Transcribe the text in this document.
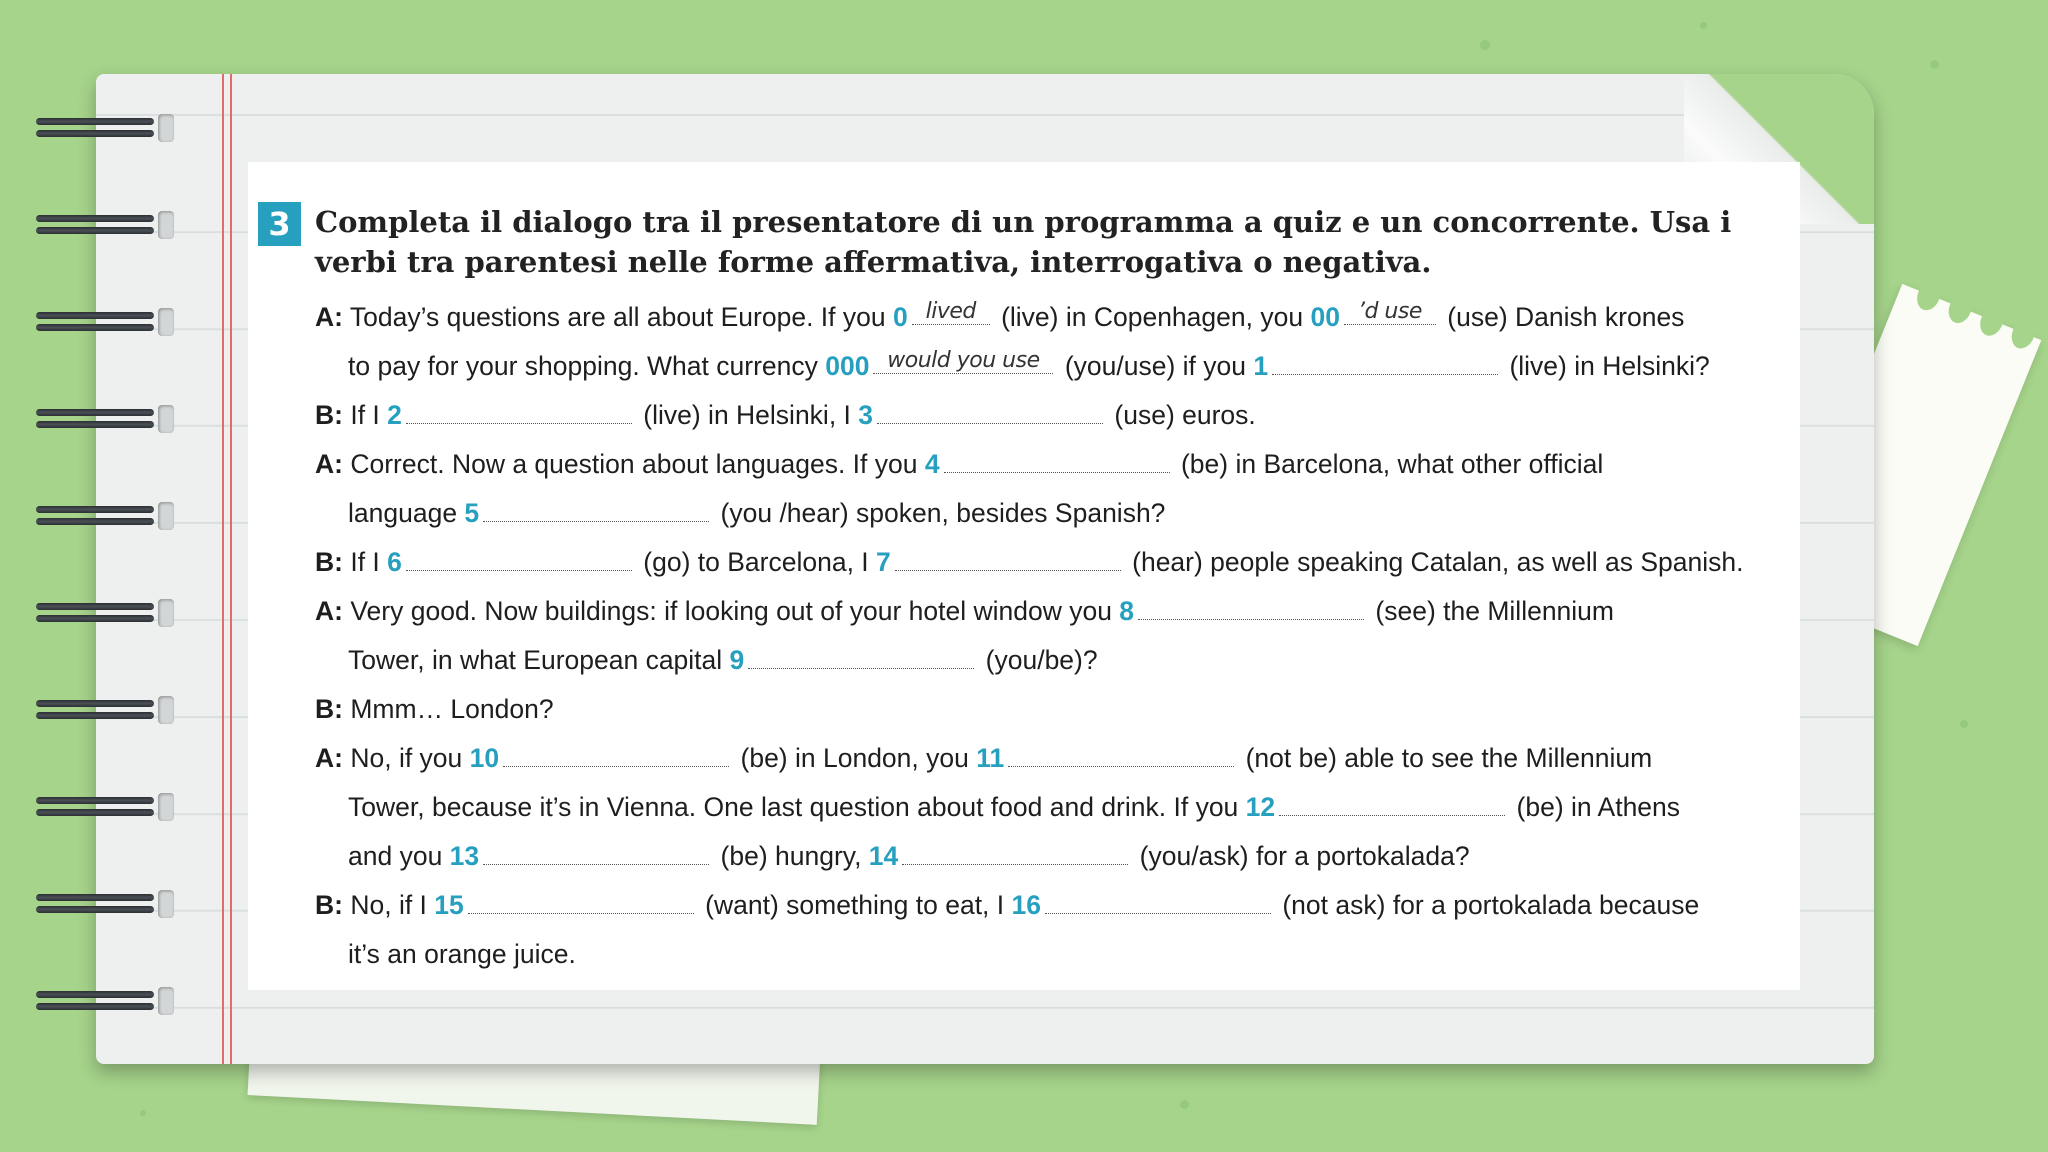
3 Completa il dialogo tra il presentatore di un programma a quiz e un concorrente. Usa i verbi tra parentesi nelle forme affermativa, interrogativa o negativa.
A: Today’s questions are all about Europe. If you 0 $^{lived}$ (live) in Copenhagen, you 00 $^{’d use}$ (use) Danish krones
to pay for your shopping. What currency 000 $^{would you use}$ (you/use) if you 1	(live) in Helsinki?
B: If I 2	(live) in Helsinki, I 3	(use) euros.
A: Correct. Now a question about languages. If you 4	(be) in Barcelona, what other official
language 5	(you /hear) spoken, besides Spanish?
B: If I 6	(go) to Barcelona, I 7	(hear) people speaking Catalan, as well as Spanish.
A: Very good. Now buildings: if looking out of your hotel window you 8	(see) the Millennium
Tower, in what European capital 9	(you/be)?
B: Mmm… London?
A: No, if you 10	(be) in London, you 11	(not be) able to see the Millennium
Tower, because it’s in Vienna. One last question about food and drink. If you 12	(be) in Athens
and you 13	(be) hungry, 14	(you/ask) for a portokalada?
B: No, if I 15	(want) something to eat, I 16	(not ask) for a portokalada because
it’s an orange juice.
